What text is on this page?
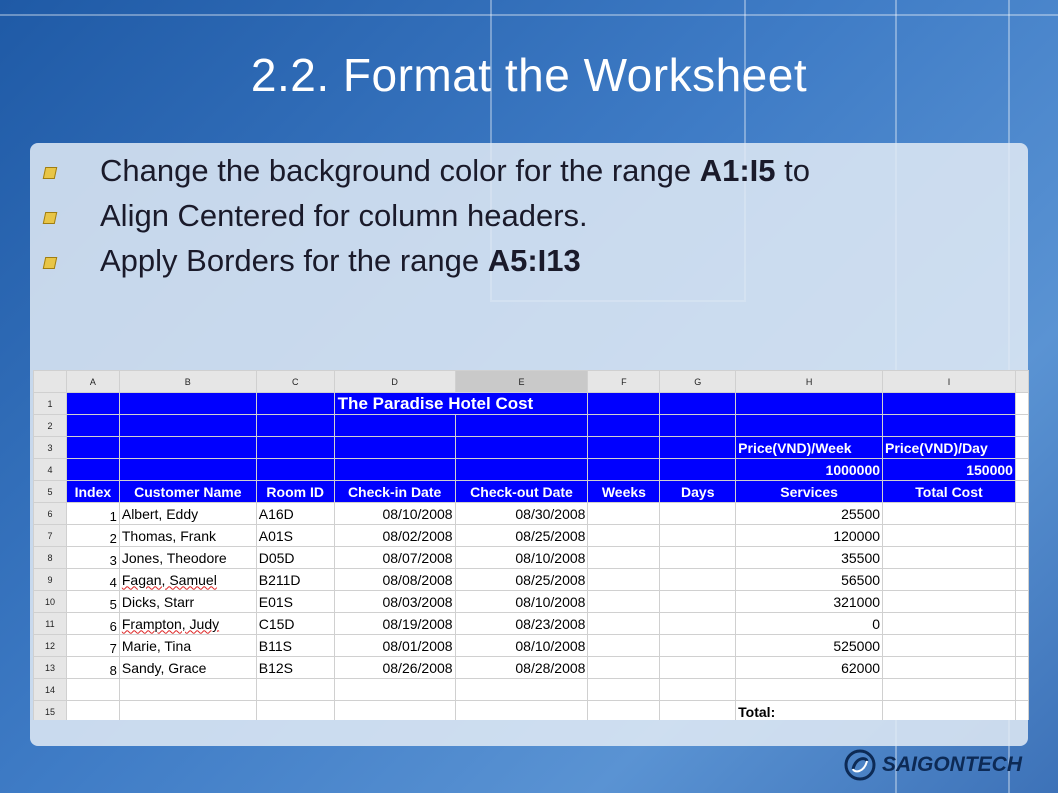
2.2. Format the Worksheet
Change the background color for the range A1:I5 to
Align Centered for column headers.
Apply Borders for the range A5:I13
	A	B	C	D	E	F	G	H	I	
1				The Paradise Hotel Cost						
2										
3								Price(VND)/Week	Price(VND)/Day	
4								1000000	150000	
5	Index	Customer Name	Room ID	Check-in Date	Check-out Date	Weeks	Days	Services	Total Cost	
6	1	Albert, Eddy	A16D	08/10/2008	08/30/2008			25500		
7	2	Thomas, Frank	A01S	08/02/2008	08/25/2008			120000		
8	3	Jones, Theodore	D05D	08/07/2008	08/10/2008			35500		
9	4	Fagan, Samuel	B211D	08/08/2008	08/25/2008			56500		
10	5	Dicks, Starr	E01S	08/03/2008	08/10/2008			321000		
11	6	Frampton, Judy	C15D	08/19/2008	08/23/2008			0		
12	7	Marie, Tina	B11S	08/01/2008	08/10/2008			525000		
13	8	Sandy, Grace	B12S	08/26/2008	08/28/2008			62000		
14										
15								Total:		

SAIGONTECH
